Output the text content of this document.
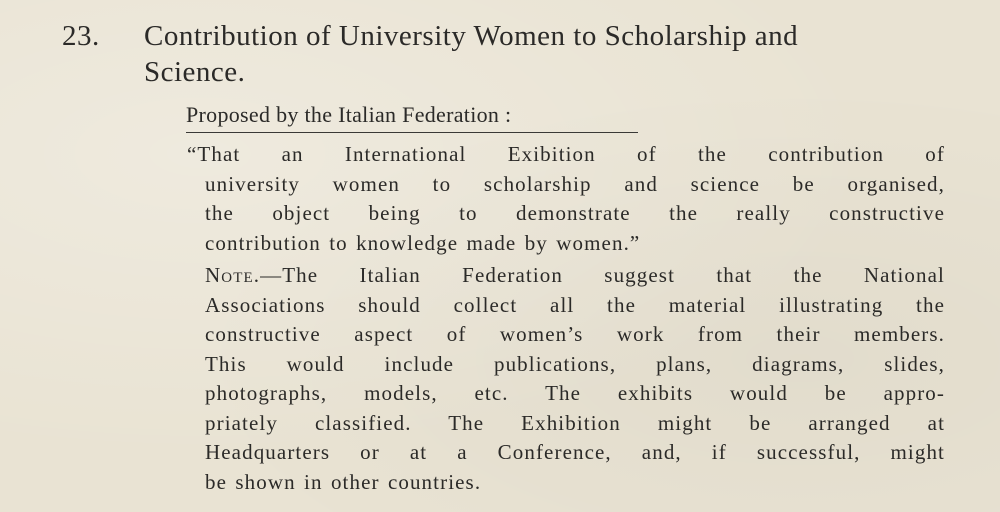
23. Contribution of University Women to Scholarship and
Science.
Proposed by the Italian Federation :
“That an International Exibition of the contribution of
university women to scholarship and science be organised,
the object being to demonstrate the really constructive
contribution to knowledge made by women.”
Note.—The Italian Federation suggest that the National
Associations should collect all the material illustrating the
constructive aspect of women’s work from their members.
This would include publications, plans, diagrams, slides,
photographs, models, etc. The exhibits would be appro-
priately classified. The Exhibition might be arranged at
Headquarters or at a Conference, and, if successful, might
be shown in other countries.
